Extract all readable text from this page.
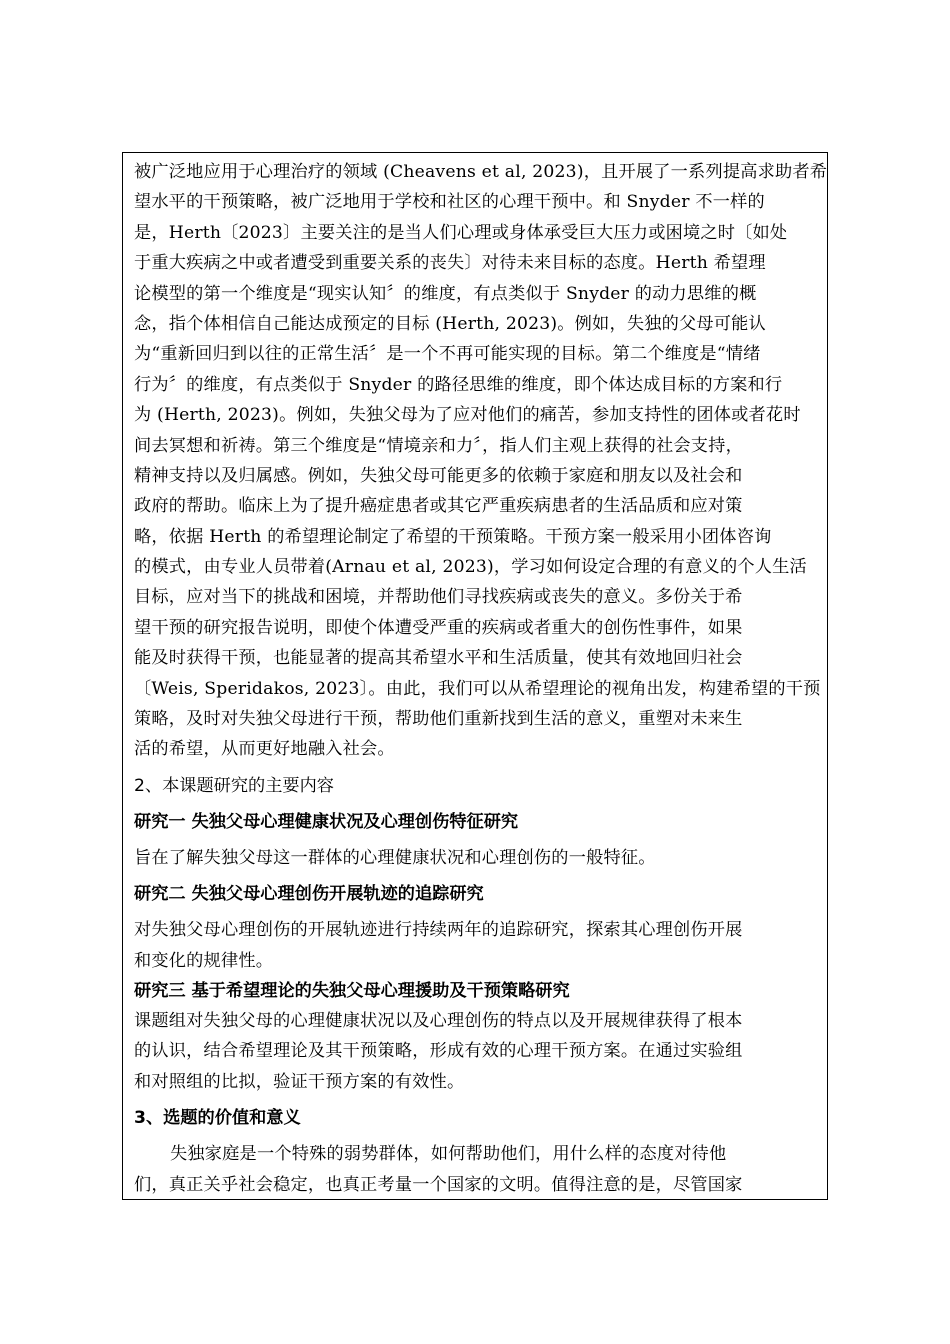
被广泛地应用于心理治疗的领域 (Cheavens et al, 2023)，且开展了一系列提高求助者希
望水平的干预策略，被广泛地用于学校和社区的心理干预中。和 Snyder 不一样的
是，Herth〔2023〕主要关注的是当人们心理或身体承受巨大压力或困境之时〔如处
于重大疾病之中或者遭受到重要关系的丧失〕对待未来目标的态度。Herth 希望理
论模型的第一个维度是“现实认知〞的维度，有点类似于 Snyder 的动力思维的概
念，指个体相信自己能达成预定的目标 (Herth, 2023)。例如，失独的父母可能认
为“重新回归到以往的正常生活〞是一个不再可能实现的目标。第二个维度是“情绪
行为〞的维度，有点类似于 Snyder 的路径思维的维度，即个体达成目标的方案和行
为 (Herth, 2023)。例如，失独父母为了应对他们的痛苦，参加支持性的团体或者花时
间去冥想和祈祷。第三个维度是“情境亲和力〞，指人们主观上获得的社会支持，
精神支持以及归属感。例如，失独父母可能更多的依赖于家庭和朋友以及社会和
政府的帮助。临床上为了提升癌症患者或其它严重疾病患者的生活品质和应对策
略，依据 Herth 的希望理论制定了希望的干预策略。干预方案一般采用小团体咨询
的模式，由专业人员带着(Arnau et al, 2023)，学习如何设定合理的有意义的个人生活
目标，应对当下的挑战和困境，并帮助他们寻找疾病或丧失的意义。多份关于希
望干预的研究报告说明，即使个体遭受严重的疾病或者重大的创伤性事件，如果
能及时获得干预，也能显著的提高其希望水平和生活质量，使其有效地回归社会
〔Weis, Speridakos, 2023〕。由此，我们可以从希望理论的视角出发，构建希望的干预
策略，及时对失独父母进行干预，帮助他们重新找到生活的意义，重塑对未来生
活的希望，从而更好地融入社会。
2、本课题研究的主要内容
研究一 失独父母心理健康状况及心理创伤特征研究
旨在了解失独父母这一群体的心理健康状况和心理创伤的一般特征。
研究二 失独父母心理创伤开展轨迹的追踪研究
对失独父母心理创伤的开展轨迹进行持续两年的追踪研究，探索其心理创伤开展
和变化的规律性。
研究三 基于希望理论的失独父母心理援助及干预策略研究
课题组对失独父母的心理健康状况以及心理创伤的特点以及开展规律获得了根本
的认识，结合希望理论及其干预策略，形成有效的心理干预方案。在通过实验组
和对照组的比拟，验证干预方案的有效性。
3、选题的价值和意义
失独家庭是一个特殊的弱势群体，如何帮助他们，用什么样的态度对待他
们，真正关乎社会稳定，也真正考量一个国家的文明。值得注意的是，尽管国家
